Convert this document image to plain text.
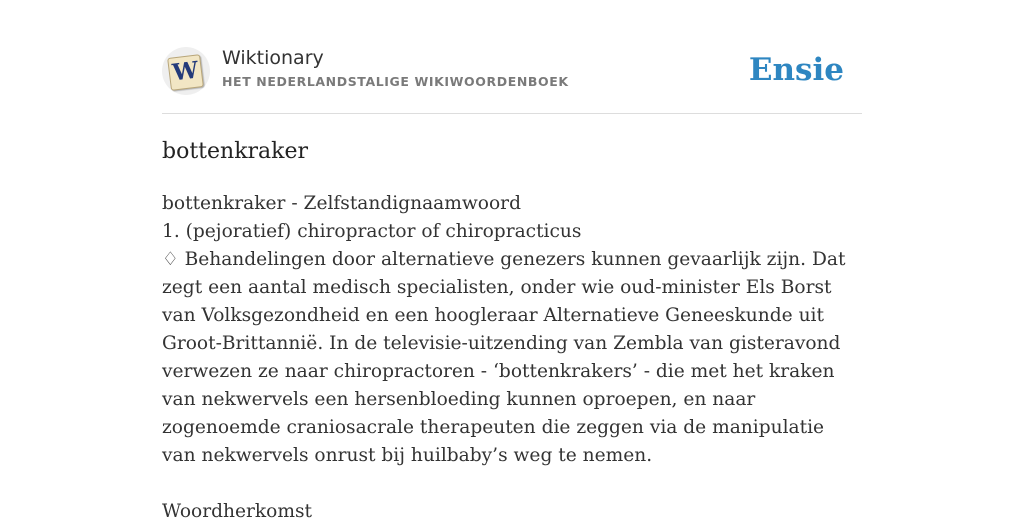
W Wiktionary
HET NEDERLANDSTALIGE WIKIWOORDENBOEK	Ensie
bottenkraker

bottenkraker - Zelfstandignaamwoord

1. (pejoratief) chiropractor of chiropracticus

♢ Behandelingen door alternatieve genezers kunnen gevaarlijk zijn. Dat zegt een aantal medisch specialisten, onder wie oud-minister Els Borst van Volksgezondheid en een hoogleraar Alternatieve Geneeskunde uit Groot-Brittannië. In de televisie-uitzending van Zembla van gisteravond verwezen ze naar chiropractoren - ‘bottenkrakers’ - die met het kraken van nekwervels een hersenbloeding kunnen oproepen, en naar zogenoemde craniosacrale therapeuten die zeggen via de manipulatie van nekwervels onrust bij huilbaby’s weg te nemen.

Woordherkomst
